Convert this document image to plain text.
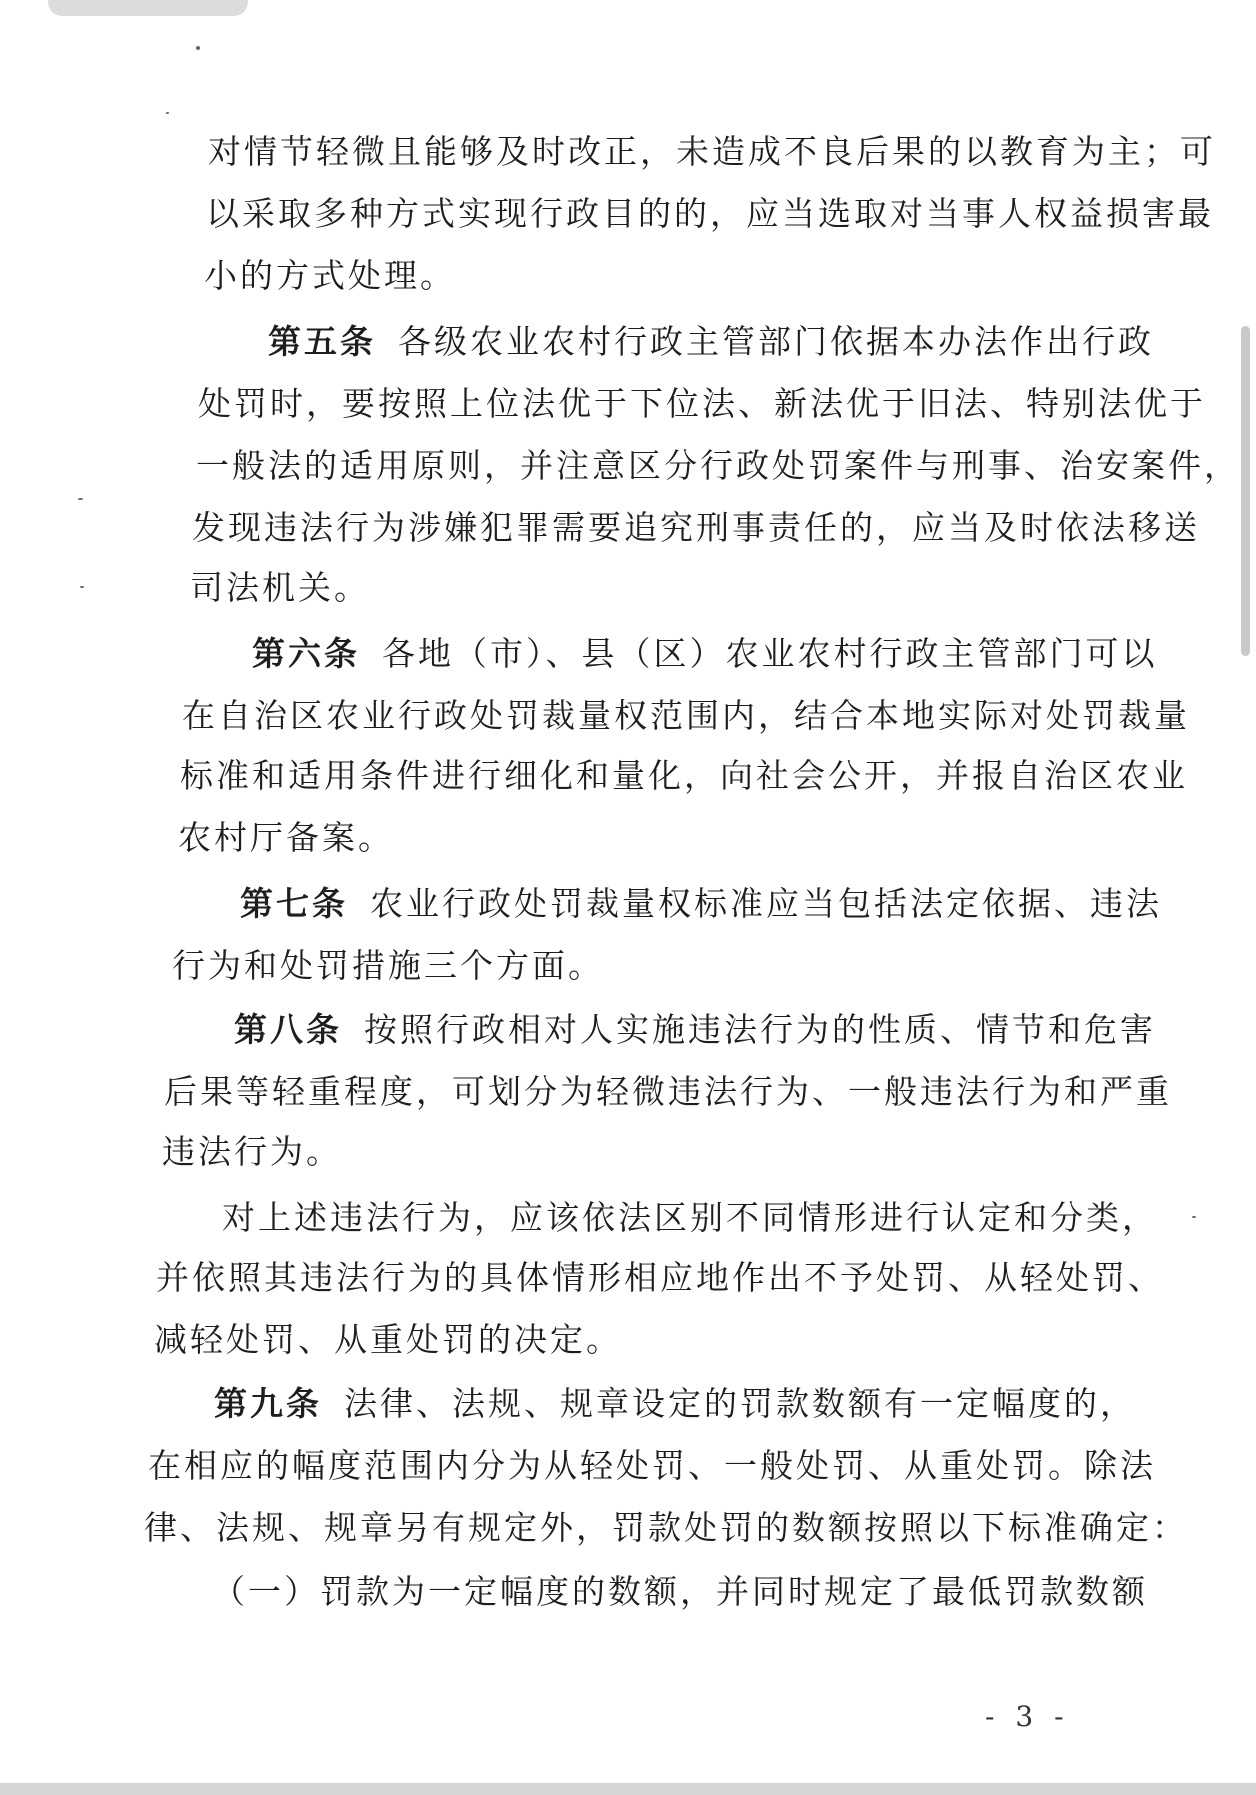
对情节轻微且能够及时改正，未造成不良后果的以教育为主；可
以采取多种方式实现行政目的的，应当选取对当事人权益损害最
小的方式处理。
第五条 各级农业农村行政主管部门依据本办法作出行政
处罚时，要按照上位法优于下位法、新法优于旧法、特别法优于
一般法的适用原则，并注意区分行政处罚案件与刑事、治安案件，
发现违法行为涉嫌犯罪需要追究刑事责任的，应当及时依法移送
司法机关。
第六条 各地（市）、县（区）农业农村行政主管部门可以
在自治区农业行政处罚裁量权范围内，结合本地实际对处罚裁量
标准和适用条件进行细化和量化，向社会公开，并报自治区农业
农村厅备案。
第七条 农业行政处罚裁量权标准应当包括法定依据、违法
行为和处罚措施三个方面。
第八条 按照行政相对人实施违法行为的性质、情节和危害
后果等轻重程度，可划分为轻微违法行为、一般违法行为和严重
违法行为。
对上述违法行为，应该依法区别不同情形进行认定和分类，
并依照其违法行为的具体情形相应地作出不予处罚、从轻处罚、
减轻处罚、从重处罚的决定。
第九条 法律、法规、规章设定的罚款数额有一定幅度的，
在相应的幅度范围内分为从轻处罚、一般处罚、从重处罚。除法
律、法规、规章另有规定外，罚款处罚的数额按照以下标准确定：
（一）罚款为一定幅度的数额，并同时规定了最低罚款数额
- 3 -
